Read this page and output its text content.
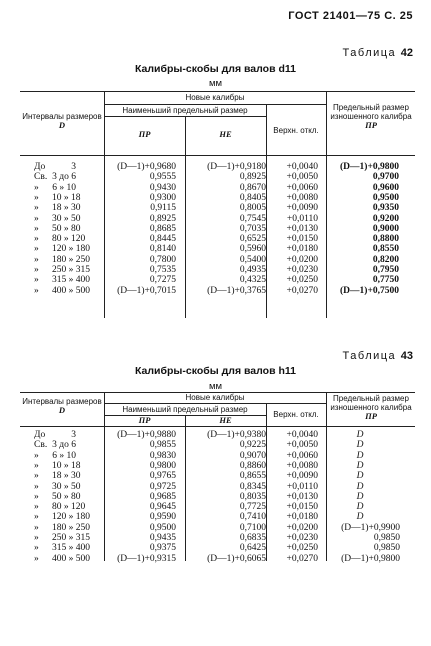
ГОСТ 21401—75 С. 25
Таблица 42
Калибры-скобы для валов d11
мм
Интервалы размеров
D
Новые калибры
Наименьший предельный размер
ПР	НЕ	Верхн. откл.
Предельный размер изношенного калибра
ПР
До	3	(D—1)+0,9680	(D—1)+0,9180	+0,0040	(D—1)+0,9800
Св. 3 до 6	0,9555	0,8925	+0,0050	0,9700
» 6 » 10	0,9430	0,8670	+0,0060	0,9600
» 10 » 18	0,9300	0,8405	+0,0080	0,9500
» 18 » 30	0,9115	0,8005	+0,0090	0,9350
» 30 » 50	0,8925	0,7545	+0,0110	0,9200
» 50 » 80	0,8685	0,7035	+0,0130	0,9000
» 80 » 120	0,8445	0,6525	+0,0150	0,8800
» 120 » 180	0,8140	0,5960	+0,0180	0,8550
» 180 » 250	0,7800	0,5400	+0,0200	0,8200
» 250 » 315	0,7535	0,4935	+0,0230	0,7950
» 315 » 400	0,7275	0,4325	+0,0250	0,7750
» 400 » 500	(D—1)+0,7015	(D—1)+0,3765	+0,0270	(D—1)+0,7500
Таблица 43
Калибры-скобы для валов h11
мм
Интервалы размеров
D
Новые калибры
Наименьший предельный размер
ПР	НЕ
Верхн. откл.
Предельный размер изношенного калибра
ПР
До	3	(D—1)+0,9880	(D—1)+0,9380	+0,0040	D
Св. 3 до 6	0,9855	0,9225	+0,0050	D
» 6 » 10	0,9830	0,9070	+0,0060	D
» 10 » 18	0,9800	0,8860	+0,0080	D
» 18 » 30	0,9765	0,8655	+0,0090	D
» 30 » 50	0,9725	0,8345	+0,0110	D
» 50 » 80	0,9685	0,8035	+0,0130	D
» 80 » 120	0,9645	0,7725	+0,0150	D
» 120 » 180	0,9590	0,7410	+0,0180	D
» 180 » 250	0,9500	0,7100	+0,0200	(D—1)+0,9900
» 250 » 315	0,9435	0,6835	+0,0230	0,9850
» 315 » 400	0,9375	0,6425	+0,0250	0,9850
» 400 » 500	(D—1)+0,9315	(D—1)+0,6065	+0,0270	(D—1)+0,9800
